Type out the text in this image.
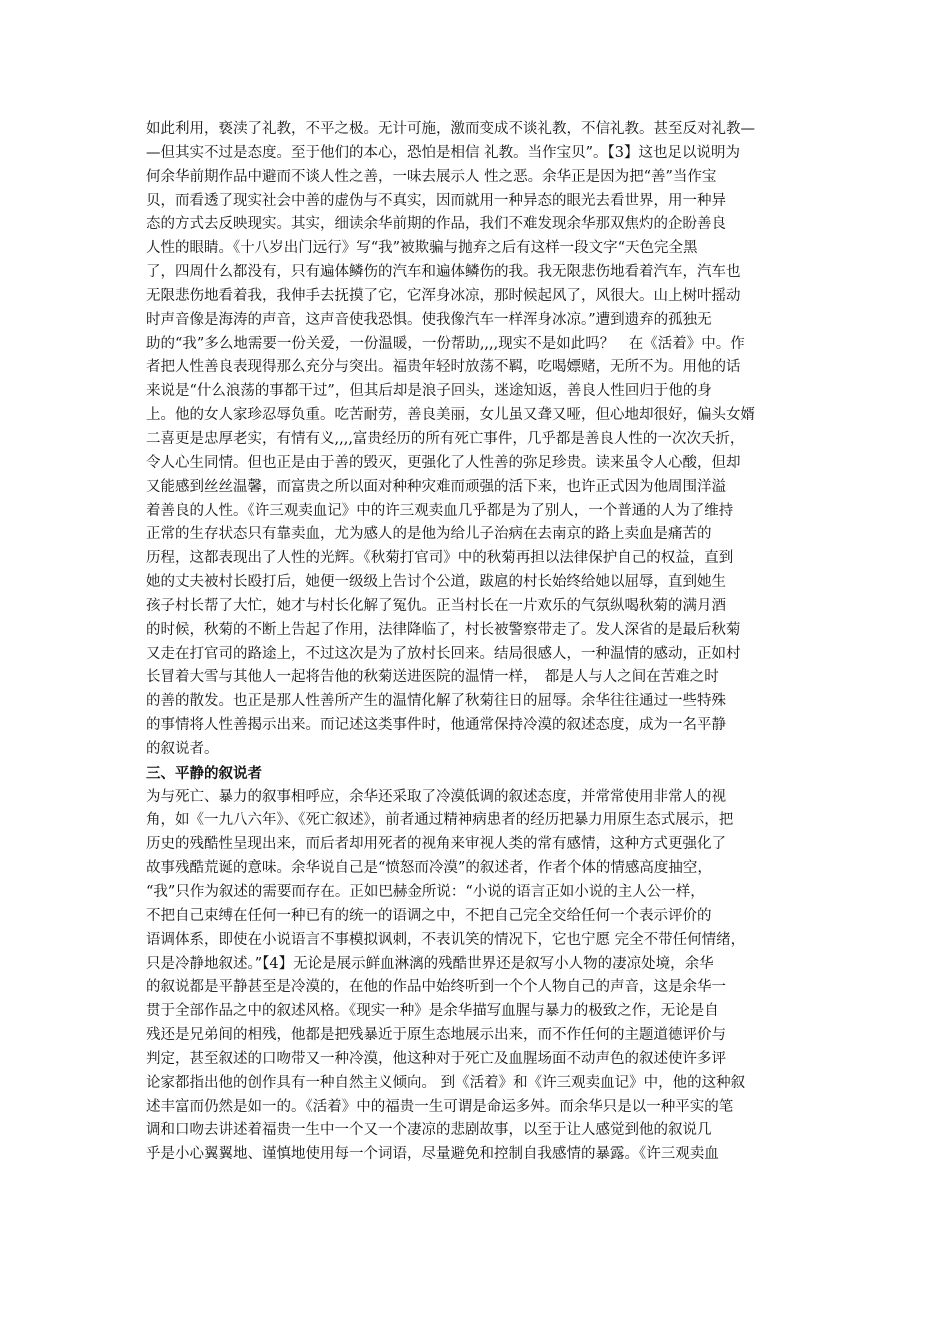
如此利用，亵渎了礼教，不平之极。无计可施，激而变成不谈礼教，不信礼教。甚至反对礼教—
—但其实不过是态度。至于他们的本心，恐怕是相信 礼教。当作宝贝”。【3】这也足以说明为
何余华前期作品中避而不谈人性之善，一味去展示人 性之恶。余华正是因为把“善”当作宝
贝，而看透了现实社会中善的虚伪与不真实，因而就用一种异态的眼光去看世界，用一种异
态的方式去反映现实。其实，细读余华前期的作品，我们不难发现余华那双焦灼的企盼善良
人性的眼睛。《十八岁出门远行》写“我”被欺骗与抛弃之后有这样一段文字“天色完全黑
了，四周什么都没有，只有遍体鳞伤的汽车和遍体鳞伤的我。我无限悲伤地看着汽车，汽车也
无限悲伤地看着我，我伸手去抚摸了它，它浑身冰凉，那时候起风了，风很大。山上树叶摇动
时声音像是海涛的声音，这声音使我恐惧。使我像汽车一样浑身冰凉。”遭到遗弃的孤独无
助的“我”多么地需要一份关爱，一份温暖，一份帮助,,,,现实不是如此吗？　在《活着》中。作
者把人性善良表现得那么充分与突出。福贵年轻时放荡不羁，吃喝嫖赌，无所不为。用他的话
来说是“什么浪荡的事都干过”，但其后却是浪子回头，迷途知返，善良人性回归于他的身
上。他的女人家珍忍辱负重。吃苦耐劳，善良美丽，女儿虽又聋又哑，但心地却很好，偏头女婿
二喜更是忠厚老实，有情有义,,,,富贵经历的所有死亡事件，几乎都是善良人性的一次次夭折，
令人心生同情。但也正是由于善的毁灭，更强化了人性善的弥足珍贵。读来虽令人心酸，但却
又能感到丝丝温馨，而富贵之所以面对种种灾难而顽强的活下来，也许正式因为他周围洋溢
着善良的人性。《许三观卖血记》中的许三观卖血几乎都是为了别人，一个普通的人为了维持
正常的生存状态只有靠卖血，尤为感人的是他为给儿子治病在去南京的路上卖血是痛苦的
历程，这都表现出了人性的光辉。《秋菊打官司》中的秋菊再担以法律保护自己的权益，直到
她的丈夫被村长殴打后，她便一级级上告讨个公道，跋扈的村长始终给她以屈辱，直到她生
孩子村长帮了大忙，她才与村长化解了冤仇。正当村长在一片欢乐的气氛纵喝秋菊的满月酒
的时候，秋菊的不断上告起了作用，法律降临了，村长被警察带走了。发人深省的是最后秋菊
又走在打官司的路途上，不过这次是为了放村长回来。结局很感人，一种温情的感动，正如村
长冒着大雪与其他人一起将告他的秋菊送进医院的温情一样，　都是人与人之间在苦难之时
的善的散发。也正是那人性善所产生的温情化解了秋菊往日的屈辱。余华往往通过一些特殊
的事情将人性善揭示出来。而记述这类事件时，他通常保持冷漠的叙述态度，成为一名平静
的叙说者。
三、平静的叙说者
为与死亡、暴力的叙事相呼应，余华还采取了冷漠低调的叙述态度，并常常使用非常人的视
角，如《一九八六年》、《死亡叙述》，前者通过精神病患者的经历把暴力用原生态式展示，把
历史的残酷性呈现出来，而后者却用死者的视角来审视人类的常有感情，这种方式更强化了
故事残酷荒诞的意味。余华说自己是“愤怒而冷漠”的叙述者，作者个体的情感高度抽空，
“我”只作为叙述的需要而存在。正如巴赫金所说：“小说的语言正如小说的主人公一样，
不把自己束缚在任何一种已有的统一的语调之中，不把自己完全交给任何一个表示评价的
语调体系，即使在小说语言不事模拟讽刺，不表讥笑的情况下，它也宁愿 完全不带任何情绪，
只是冷静地叙述。”【4】无论是展示鲜血淋漓的残酷世界还是叙写小人物的凄凉处境，余华
的叙说都是平静甚至是冷漠的，在他的作品中始终听到一个个人物自己的声音，这是余华一
贯于全部作品之中的叙述风格。《现实一种》是余华描写血腥与暴力的极致之作，无论是自
残还是兄弟间的相残，他都是把残暴近于原生态地展示出来，而不作任何的主题道德评价与
判定，甚至叙述的口吻带又一种冷漠，他这种对于死亡及血腥场面不动声色的叙述使许多评
论家都指出他的创作具有一种自然主义倾向。 到《活着》和《许三观卖血记》中，他的这种叙
述丰富而仍然是如一的。《活着》中的福贵一生可谓是命运多舛。而余华只是以一种平实的笔
调和口吻去讲述着福贵一生中一个又一个凄凉的悲剧故事，以至于让人感觉到他的叙说几
乎是小心翼翼地、谨慎地使用每一个词语，尽量避免和控制自我感情的暴露。《许三观卖血
